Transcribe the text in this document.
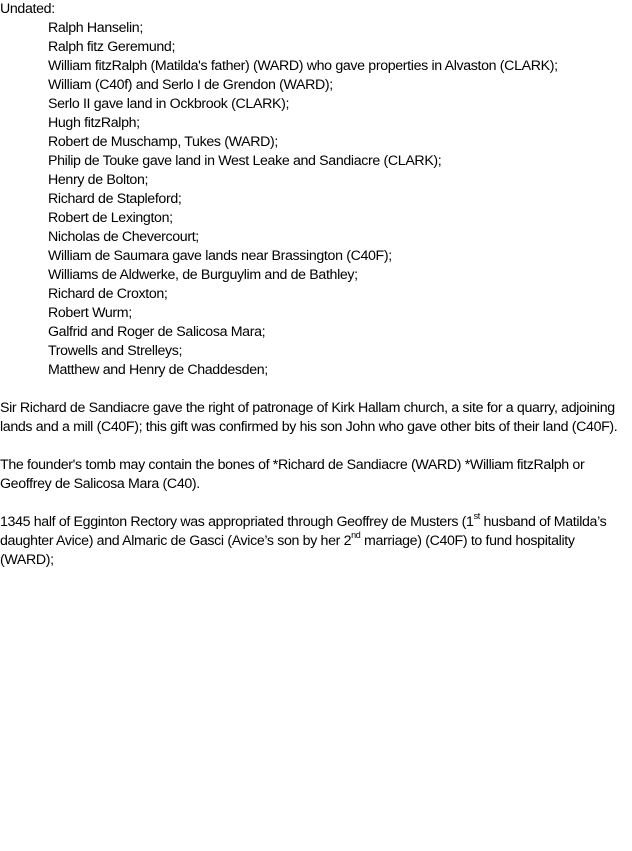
Undated:
Ralph Hanselin;
Ralph fitz Geremund;
William fitzRalph (Matilda's father) (WARD) who gave properties in Alvaston (CLARK);
William (C40f) and Serlo I de Grendon (WARD);
Serlo II gave land in Ockbrook (CLARK);
Hugh fitzRalph;
Robert de Muschamp, Tukes (WARD);
Philip de Touke gave land in West Leake and Sandiacre (CLARK);
Henry de Bolton;
Richard de Stapleford;
Robert de Lexington;
Nicholas de Chevercourt;
William de Saumara gave lands near Brassington (C40F);
Williams de Aldwerke, de Burguylim and de Bathley;
Richard de Croxton;
Robert Wurm;
Galfrid and Roger de Salicosa Mara;
Trowells and Strelleys;
Matthew and Henry de Chaddesden;

Sir Richard de Sandiacre gave the right of patronage of Kirk Hallam church, a site for a quarry, adjoining lands and a mill (C40F); this gift was confirmed by his son John who gave other bits of their land (C40F).

The founder's tomb may contain the bones of *Richard de Sandiacre (WARD) *William fitzRalph or Geoffrey de Salicosa Mara (C40).

1345 half of Egginton Rectory was appropriated through Geoffrey de Musters (1st husband of Matilda’s daughter Avice) and Almaric de Gasci (Avice’s son by her 2nd marriage) (C40F) to fund hospitality (WARD);
